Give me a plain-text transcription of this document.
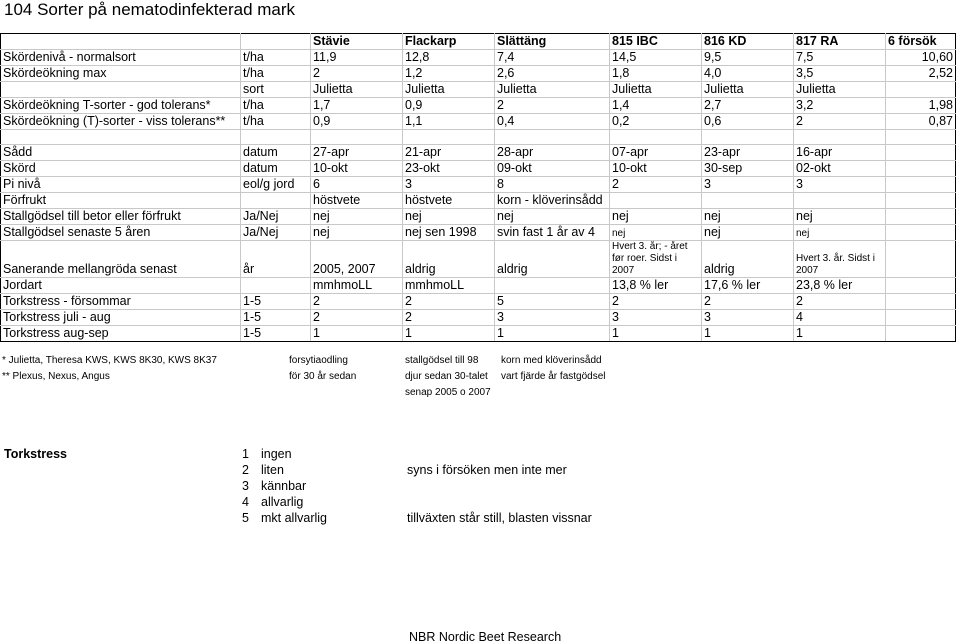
104 Sorter på nematodinfekterad mark
		Stävie	Flackarp	Slättäng	815 IBC	816 KD	817 RA	6 försök
Skördenivå - normalsort	t/ha	11,9	12,8	7,4	14,5	9,5	7,5	10,60
Skördeökning max	t/ha	2	1,2	2,6	1,8	4,0	3,5	2,52
	sort	Julietta	Julietta	Julietta	Julietta	Julietta	Julietta	
Skördeökning T-sorter - god tolerans*	t/ha	1,7	0,9	2	1,4	2,7	3,2	1,98
Skördeökning (T)-sorter - viss tolerans**	t/ha	0,9	1,1	0,4	0,2	0,6	2	0,87

Sådd	datum	27-apr	21-apr	28-apr	07-apr	23-apr	16-apr	
Skörd	datum	10-okt	23-okt	09-okt	10-okt	30-sep	02-okt	
Pi nivå	eol/g jord	6	3	8	2	3	3	
Förfrukt		höstvete	höstvete	korn - klöverinsådd				
Stallgödsel till betor eller förfrukt	Ja/Nej	nej	nej	nej	nej	nej	nej	
Stallgödsel senaste 5 åren	Ja/Nej	nej	nej sen 1998	svin fast 1 år av 4	nej	nej	nej	
Sanerande mellangröda senast	år	2005, 2007	aldrig	aldrig	Hvert 3. år; - året før roer. Sidst i 2007	aldrig	Hvert 3. år. Sidst i 2007	
Jordart		mmhmoLL	mmhmoLL		13,8 % ler	17,6 % ler	23,8 % ler	
Torkstress - försommar	1-5	2	2	5	2	2	2	
Torkstress juli - aug	1-5	2	2	3	3	3	4	
Torkstress aug-sep	1-5	1	1	1	1	1	1	
* Julietta, Theresa KWS, KWS 8K30, KWS 8K37	forsytiaodling	stallgödsel till 98	korn med klöverinsådd
** Plexus, Nexus, Angus	för 30 år sedan	djur sedan 30-talet	vart fjärde år fastgödsel
		senap 2005 o 2007	
Torkstress	1 ingen
2 liten	syns i försöken men inte mer
3 kännbar
4 allvarlig
5 mkt allvarlig	tillväxten står still, blasten vissnar
NBR Nordic Beet Research
